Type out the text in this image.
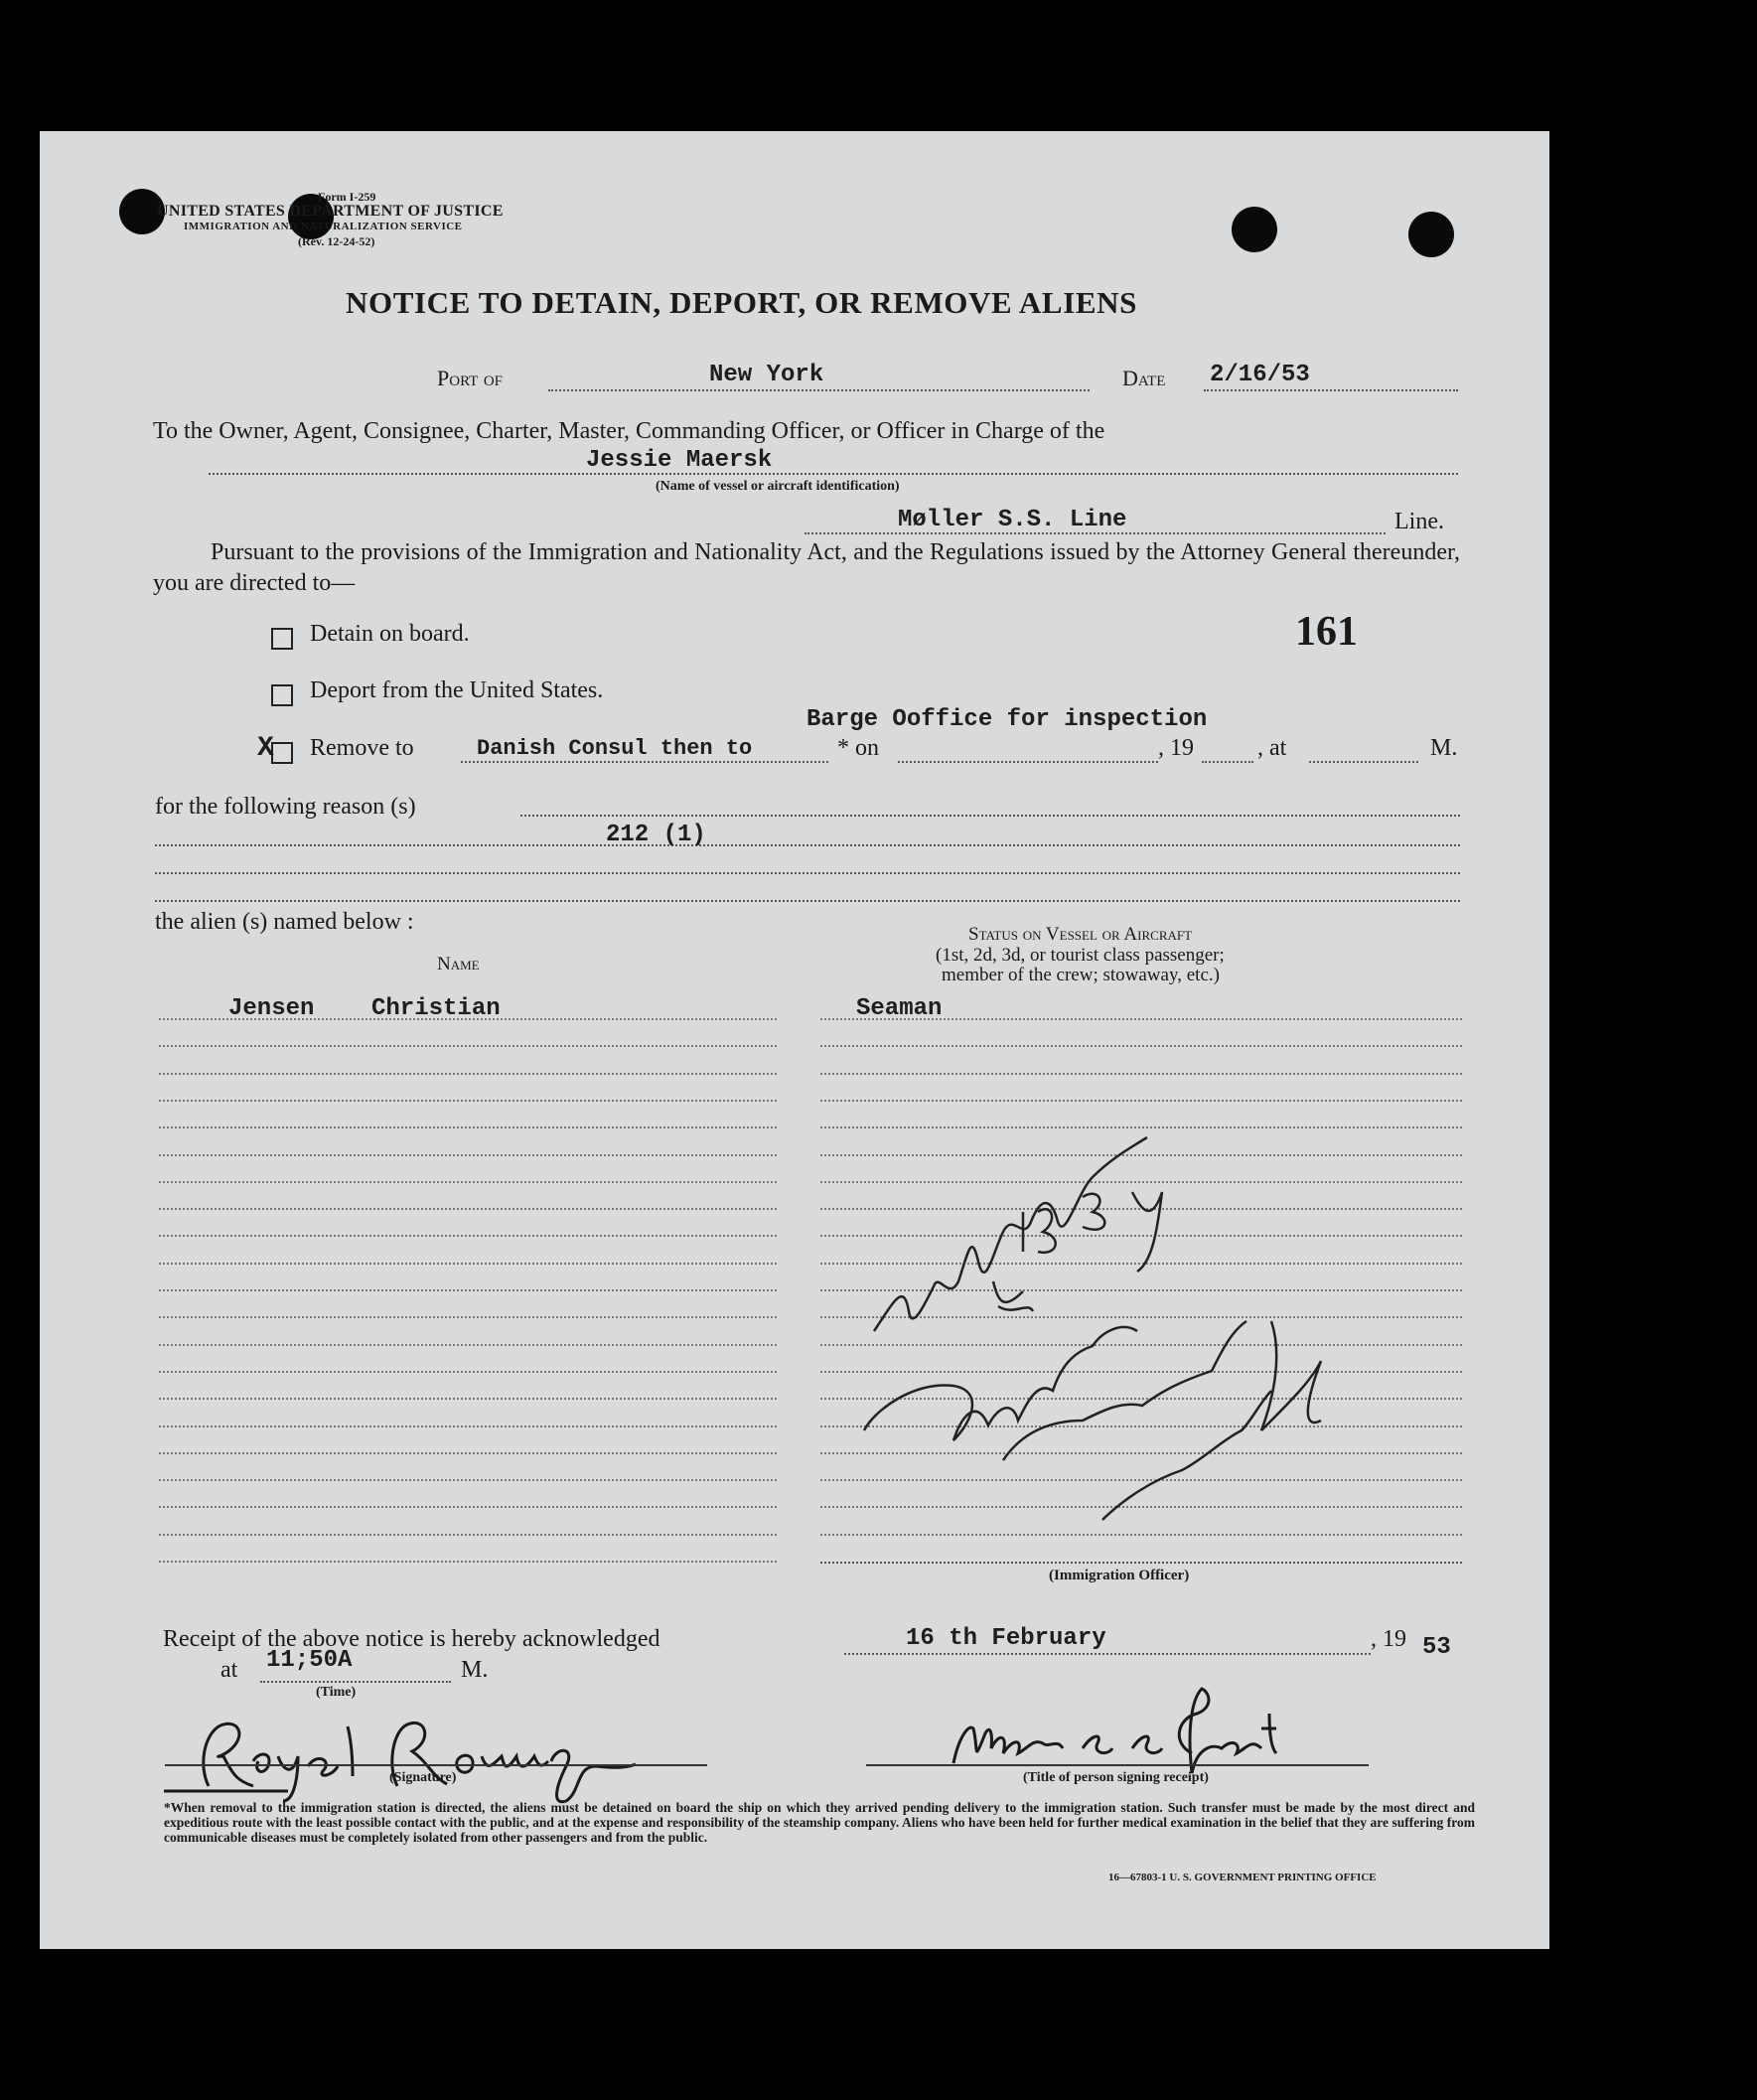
Form I-259
UNITED STATES DEPARTMENT OF JUSTICE
IMMIGRATION AND NATURALIZATION SERVICE
(Rev. 12-24-52)
NOTICE TO DETAIN, DEPORT, OR REMOVE ALIENS
Port of	New York	Date 2/16/53
To the Owner, Agent, Consignee, Charter, Master, Commanding Officer, or Officer in Charge of the
Jessie Maersk
(Name of vessel or aircraft identification)
Møller S.S. Line	Line.
Pursuant to the provisions of the Immigration and Nationality Act, and the Regulations issued by the Attorney General thereunder, you are directed to—
Detain on board.	161
Deport from the United States.
Barge Ooffice for inspection
X Remove to	Danish Consul then to	* on	, 19	, at	M.
for the following reason (s)
212 (1)
the alien (s) named below :
Name
Status on Vessel or Aircraft
(1st, 2d, 3d, or tourist class passenger;
member of the crew; stowaway, etc.)
Jensen Christian	Seaman
(Immigration Officer)
Receipt of the above notice is hereby acknowledged	16 th February	, 19 53
at 11;50A	M.
(Time)
(Signature)	(Title of person signing receipt)
*When removal to the immigration station is directed, the aliens must be detained on board the ship on which they arrived pending delivery to the immigration station. Such transfer must be made by the most direct and expeditious route with the least possible contact with the public, and at the expense and responsibility of the steamship company. Aliens who have been held for further medical examination in the belief that they are suffering from communicable diseases must be completely isolated from other passengers and from the public.
16—67803-1 U. S. GOVERNMENT PRINTING OFFICE
